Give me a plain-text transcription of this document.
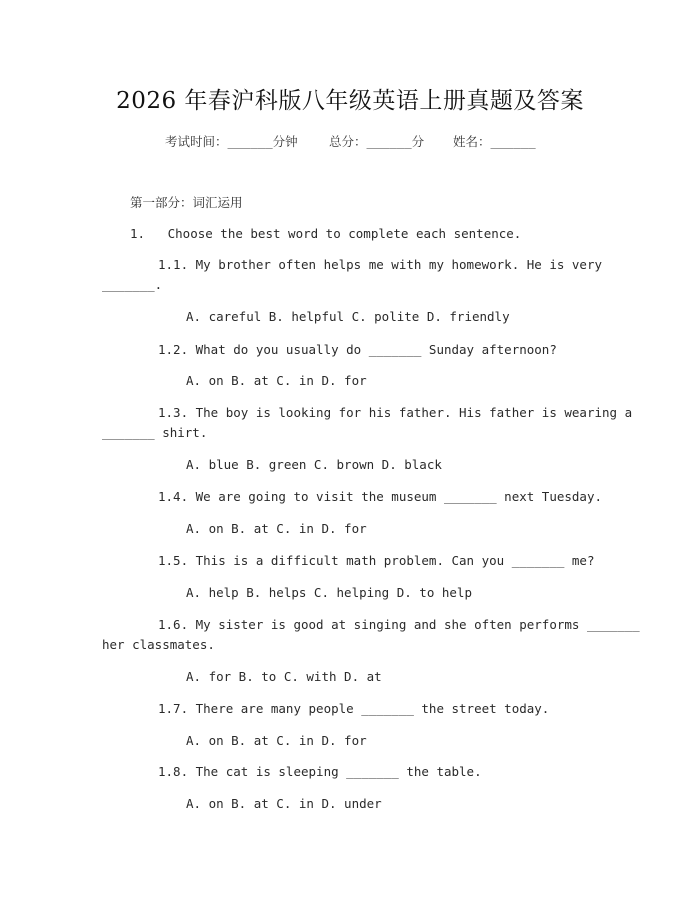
2026 年春沪科版八年级英语上册真题及答案
考试时间：______分钟	总分：______分 姓名：______
第一部分：词汇运用
1.   Choose the best word to complete each sentence.
1.1. My brother often helps me with my homework. He is very
_______.
A. careful B. helpful C. polite D. friendly
1.2. What do you usually do _______ Sunday afternoon?
A. on B. at C. in D. for
1.3. The boy is looking for his father. His father is wearing a
_______ shirt.
A. blue B. green C. brown D. black
1.4. We are going to visit the museum _______ next Tuesday.
A. on B. at C. in D. for
1.5. This is a difficult math problem. Can you _______ me?
A. help B. helps C. helping D. to help
1.6. My sister is good at singing and she often performs _______
her classmates.
A. for B. to C. with D. at
1.7. There are many people _______ the street today.
A. on B. at C. in D. for
1.8. The cat is sleeping _______ the table.
A. on B. at C. in D. under
